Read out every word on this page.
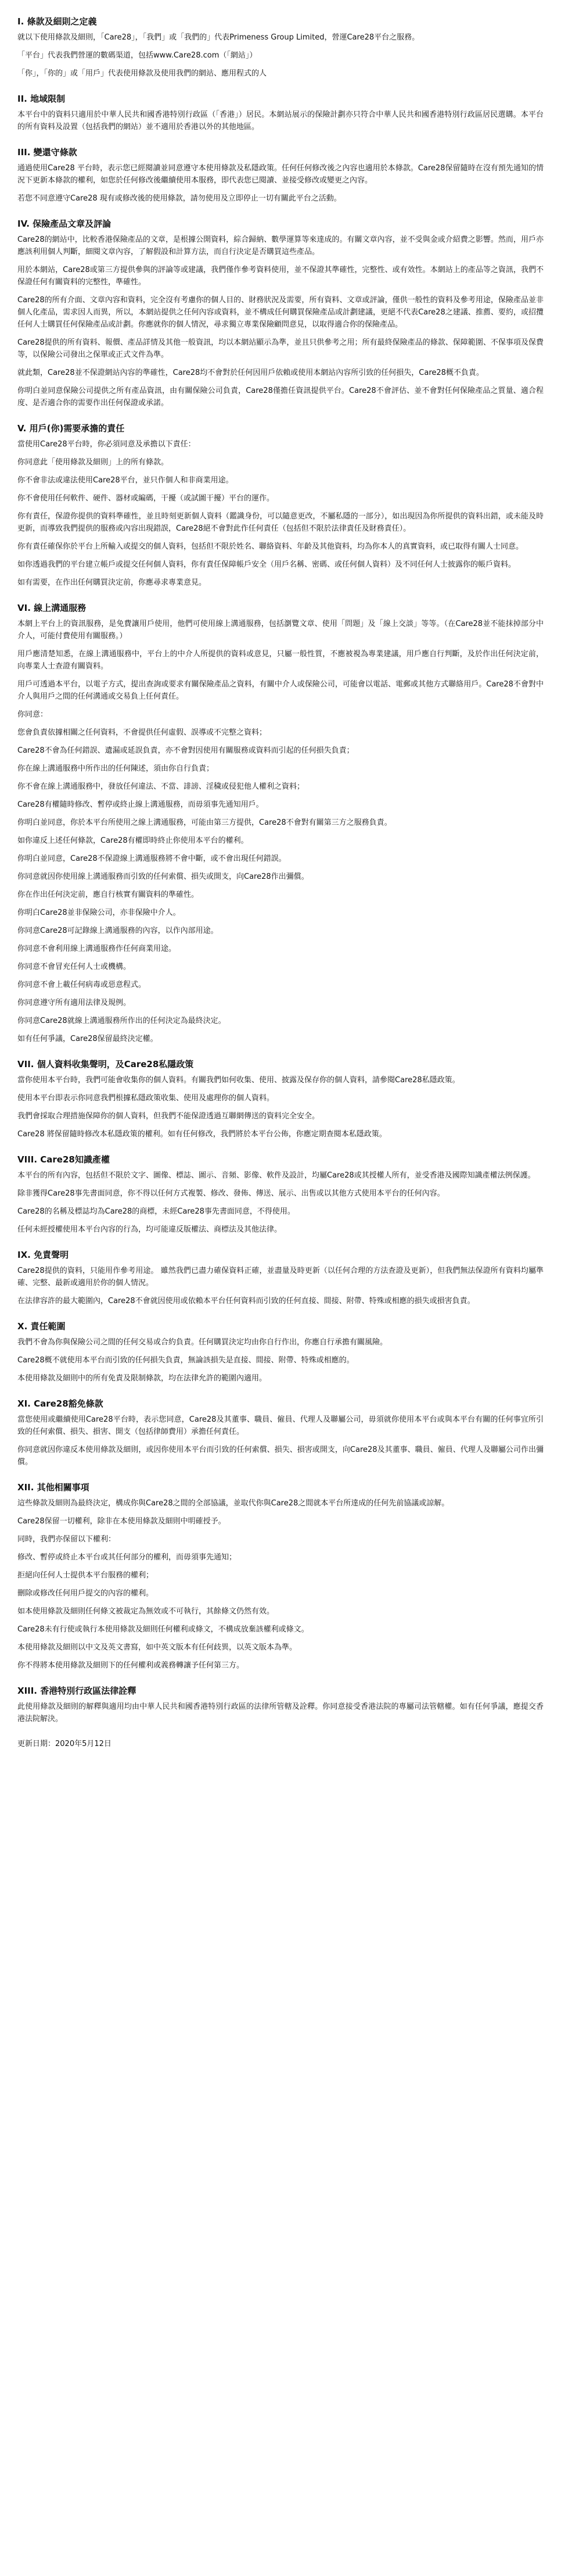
I. 條款及細則之定義
就以下使用條款及細則，「Care28」，「我們」或「我們的」代表Primeness Group Limited，營運Care28平台之服務。
「平台」代表我們營運的數碼渠道，包括www.Care28.com（「網站」）
「你」，「你的」或「用戶」代表使用條款及使用我們的網站、應用程式的人
II. 地域限制
本平台中的資料只適用於中華人民共和國香港特別行政區（「香港」）居民。本網站展示的保險計劃亦只符合中華人民共和國香港特別行政區居民選購。本平台的所有資料及設置（包括我們的網站）並不適用於香港以外的其他地區。
III. 變還守條款
通過使用Care28 平台時，表示您已經閱讀並同意遵守本使用條款及私隱政策。任何任何修改後之內容也適用於本條款。Care28保留隨時在沒有預先通知的情況下更新本條款的權利，如您於任何修改後繼續使用本服務，即代表您已閱讀、並接受修改或變更之內容。
若您不同意遵守Care28 現有或修改後的使用條款，請勿使用及立即停止一切有關此平台之活動。
IV. 保險產品文章及評論
Care28的網站中，比較香港保險產品的文章，是根據公開資料，綜合歸納、數學運算等來達成的。有關文章內容，並不受與金或介紹費之影響。然而，用戶亦應該利用個人判斷，細閱文章內容，了解假設和計算方法，而自行決定是否購買這些產品。
用於本網站，Care28或第三方提供參與的評論等或建議，我們僅作參考資料使用，並不保證其準確性，完整性、或有效性。本網站上的產品等之資訊，我們不保證任何有關資料的完整性，準確性。
Care28的所有介面、文章內容和資料，完全沒有考慮你的個人目的、財務狀況及需要，所有資料、文章或評論，僅供一般性的資料及參考用途，保險產品並非個人化產品，需求因人而異，所以，本網站提供之任何內容或資料，並不構成任何購買保險產品或計劃建議，更絕不代表Care28之建議、推薦、要約，或招攬任何人士購買任何保險產品或計劃。你應就你的個人情況，尋求獨立專業保險顧問意見，以取得適合你的保險產品。
Care28提供的所有資料、報價、產品詳情及其他一般資訊，均以本網站顯示為準，並且只供參考之用；所有最終保險產品的條款、保障範圍、不保事項及保費等，以保險公司發出之保單或正式文件為準。
就此類，Care28並不保證網站內容的準確性，Care28均不會對於任何因用戶依賴或使用本網站內容所引致的任何損失，Care28概不負責。
你明白並同意保險公司提供之所有產品資訊，由有關保險公司負責，Care28僅擔任資訊提供平台。Care28不會評估、並不會對任何保險產品之質量、適合程度、是否適合你的需要作出任何保證或承諾。
V. 用戶(你)需要承擔的責任
當使用Care28平台時，你必須同意及承擔以下責任：
你同意此「使用條款及細則」上的所有條款。
你不會非法或違法使用Care28平台，並只作個人和非商業用途。
你不會使用任何軟件、硬件、器材或編碼，干擾（或試圖干擾）平台的運作。
你有責任，保證你提供的資料準確性，並且時刻更新個人資料（鑑識身份，可以隨意更改，不屬私隱的一部分），如出現因為你所提供的資料出錯，或未能及時更新，而導致我們提供的服務或內容出現錯誤，Care28絕不會對此作任何責任（包括但不限於法律責任及財務責任）。
你有責任確保你於平台上所輸入或提交的個人資料，包括但不限於姓名、聯絡資料、年齡及其他資料，均為你本人的真實資料，或已取得有關人士同意。
如你透過我們的平台建立帳戶或提交任何個人資料，你有責任保障帳戶安全（用戶名稱、密碼、或任何個人資料）及不同任何人士披露你的帳戶資料。
如有需要，在作出任何購買決定前，你應尋求專業意見。
VI. 線上溝通服務
本網上平台上的資訊服務，是免費讓用戶使用，他們可使用線上溝通服務，包括瀏覽文章、使用「問題」及「線上交談」等等。（在Care28並不能抹掉部分中介人，可能付費使用有關服務。）
用戶應清楚知悉，在線上溝通服務中，平台上的中介人所提供的資料或意見，只屬一般性質，不應被視為專業建議，用戶應自行判斷，及於作出任何決定前，向專業人士查證有關資料。
用戶可透過本平台，以電子方式，提出查詢或要求有關保險產品之資料，有關中介人或保險公司，可能會以電話、電郵或其他方式聯絡用戶。Care28不會對中介人與用戶之間的任何溝通或交易負上任何責任。
你同意：
您會負責依據相關之任何資料，不會提供任何虛假、誤導或不完整之資料；
Care28不會為任何錯誤、遺漏或延誤負責，亦不會對因使用有關服務或資料而引起的任何損失負責；
你在線上溝通服務中所作出的任何陳述，須由你自行負責；
你不會在線上溝通服務中，發放任何違法、不當、誹謗、淫穢或侵犯他人權利之資料；
Care28有權隨時修改、暫停或終止線上溝通服務，而毋須事先通知用戶。
你明白並同意，你於本平台所使用之線上溝通服務，可能由第三方提供，Care28不會對有關第三方之服務負責。
如你違反上述任何條款，Care28有權即時終止你使用本平台的權利。
你明白並同意，Care28不保證線上溝通服務將不會中斷，或不會出現任何錯誤。
你同意就因你使用線上溝通服務而引致的任何索償、損失或開支，向Care28作出彌償。
你在作出任何決定前，應自行核實有關資料的準確性。
你明白Care28並非保險公司，亦非保險中介人。
你同意Care28可記錄線上溝通服務的內容，以作內部用途。
你同意不會利用線上溝通服務作任何商業用途。
你同意不會冒充任何人士或機構。
你同意不會上載任何病毒或惡意程式。
你同意遵守所有適用法律及規例。
你同意Care28就線上溝通服務所作出的任何決定為最終決定。
如有任何爭議，Care28保留最終決定權。
VII. 個人資料收集聲明，及Care28私隱政策
當你使用本平台時，我們可能會收集你的個人資料。有關我們如何收集、使用、披露及保存你的個人資料，請參閱Care28私隱政策。
使用本平台即表示你同意我們根據私隱政策收集、使用及處理你的個人資料。
我們會採取合理措施保障你的個人資料，但我們不能保證透過互聯網傳送的資料完全安全。
Care28 將保留隨時修改本私隱政策的權利。如有任何修改，我們將於本平台公佈，你應定期查閱本私隱政策。
VIII. Care28知識產權
本平台的所有內容，包括但不限於文字、圖像、標誌、圖示、音頻、影像、軟件及設計，均屬Care28或其授權人所有，並受香港及國際知識產權法例保護。
除非獲得Care28事先書面同意，你不得以任何方式複製、修改、發佈、傳送、展示、出售或以其他方式使用本平台的任何內容。
Care28的名稱及標誌均為Care28的商標，未經Care28事先書面同意，不得使用。
任何未經授權使用本平台內容的行為，均可能違反版權法、商標法及其他法律。
IX. 免責聲明
Care28提供的資料，只能用作參考用途。 雖然我們已盡力確保資料正確，並盡量及時更新（以任何合理的方法查證及更新），但我們無法保證所有資料均屬準確、完整、最新或適用於你的個人情況。
在法律容許的最大範圍內，Care28不會就因使用或依賴本平台任何資料而引致的任何直接、間接、附帶、特殊或相應的損失或損害負責。
X. 責任範圍
我們不會為你與保險公司之間的任何交易或合約負責。任何購買決定均由你自行作出，你應自行承擔有關風險。
Care28概不就使用本平台而引致的任何損失負責，無論該損失是直接、間接、附帶、特殊或相應的。
本使用條款及細則中的所有免責及限制條款，均在法律允許的範圍內適用。
XI. Care28豁免條款
當您使用或繼續使用Care28平台時，表示您同意，Care28及其董事、職員、僱員、代理人及聯屬公司，毋須就你使用本平台或與本平台有關的任何事宜所引致的任何索償、損失、損害、開支（包括律師費用）承擔任何責任。
你同意就因你違反本使用條款及細則，或因你使用本平台而引致的任何索償、損失、損害或開支，向Care28及其董事、職員、僱員、代理人及聯屬公司作出彌償。
XII. 其他相關事項
這些條款及細則為最終決定，構成你與Care28之間的全部協議，並取代你與Care28之間就本平台所達成的任何先前協議或諒解。
Care28保留一切權利，除非在本使用條款及細則中明確授予。
同時，我們亦保留以下權利：
修改、暫停或終止本平台或其任何部分的權利，而毋須事先通知；
拒絕向任何人士提供本平台服務的權利；
刪除或修改任何用戶提交的內容的權利。
如本使用條款及細則任何條文被裁定為無效或不可執行，其餘條文仍然有效。
Care28未有行使或執行本使用條款及細則任何權利或條文，不構成放棄該權利或條文。
本使用條款及細則以中文及英文書寫，如中英文版本有任何歧異，以英文版本為準。
你不得將本使用條款及細則下的任何權利或義務轉讓予任何第三方。
XIII. 香港特別行政區法律詮釋
此使用條款及細則的解釋與適用均由中華人民共和國香港特別行政區的法律所管轄及詮釋。你同意接受香港法院的專屬司法管轄權。如有任何爭議，應提交香港法院解決。
更新日期：2020年5月12日
